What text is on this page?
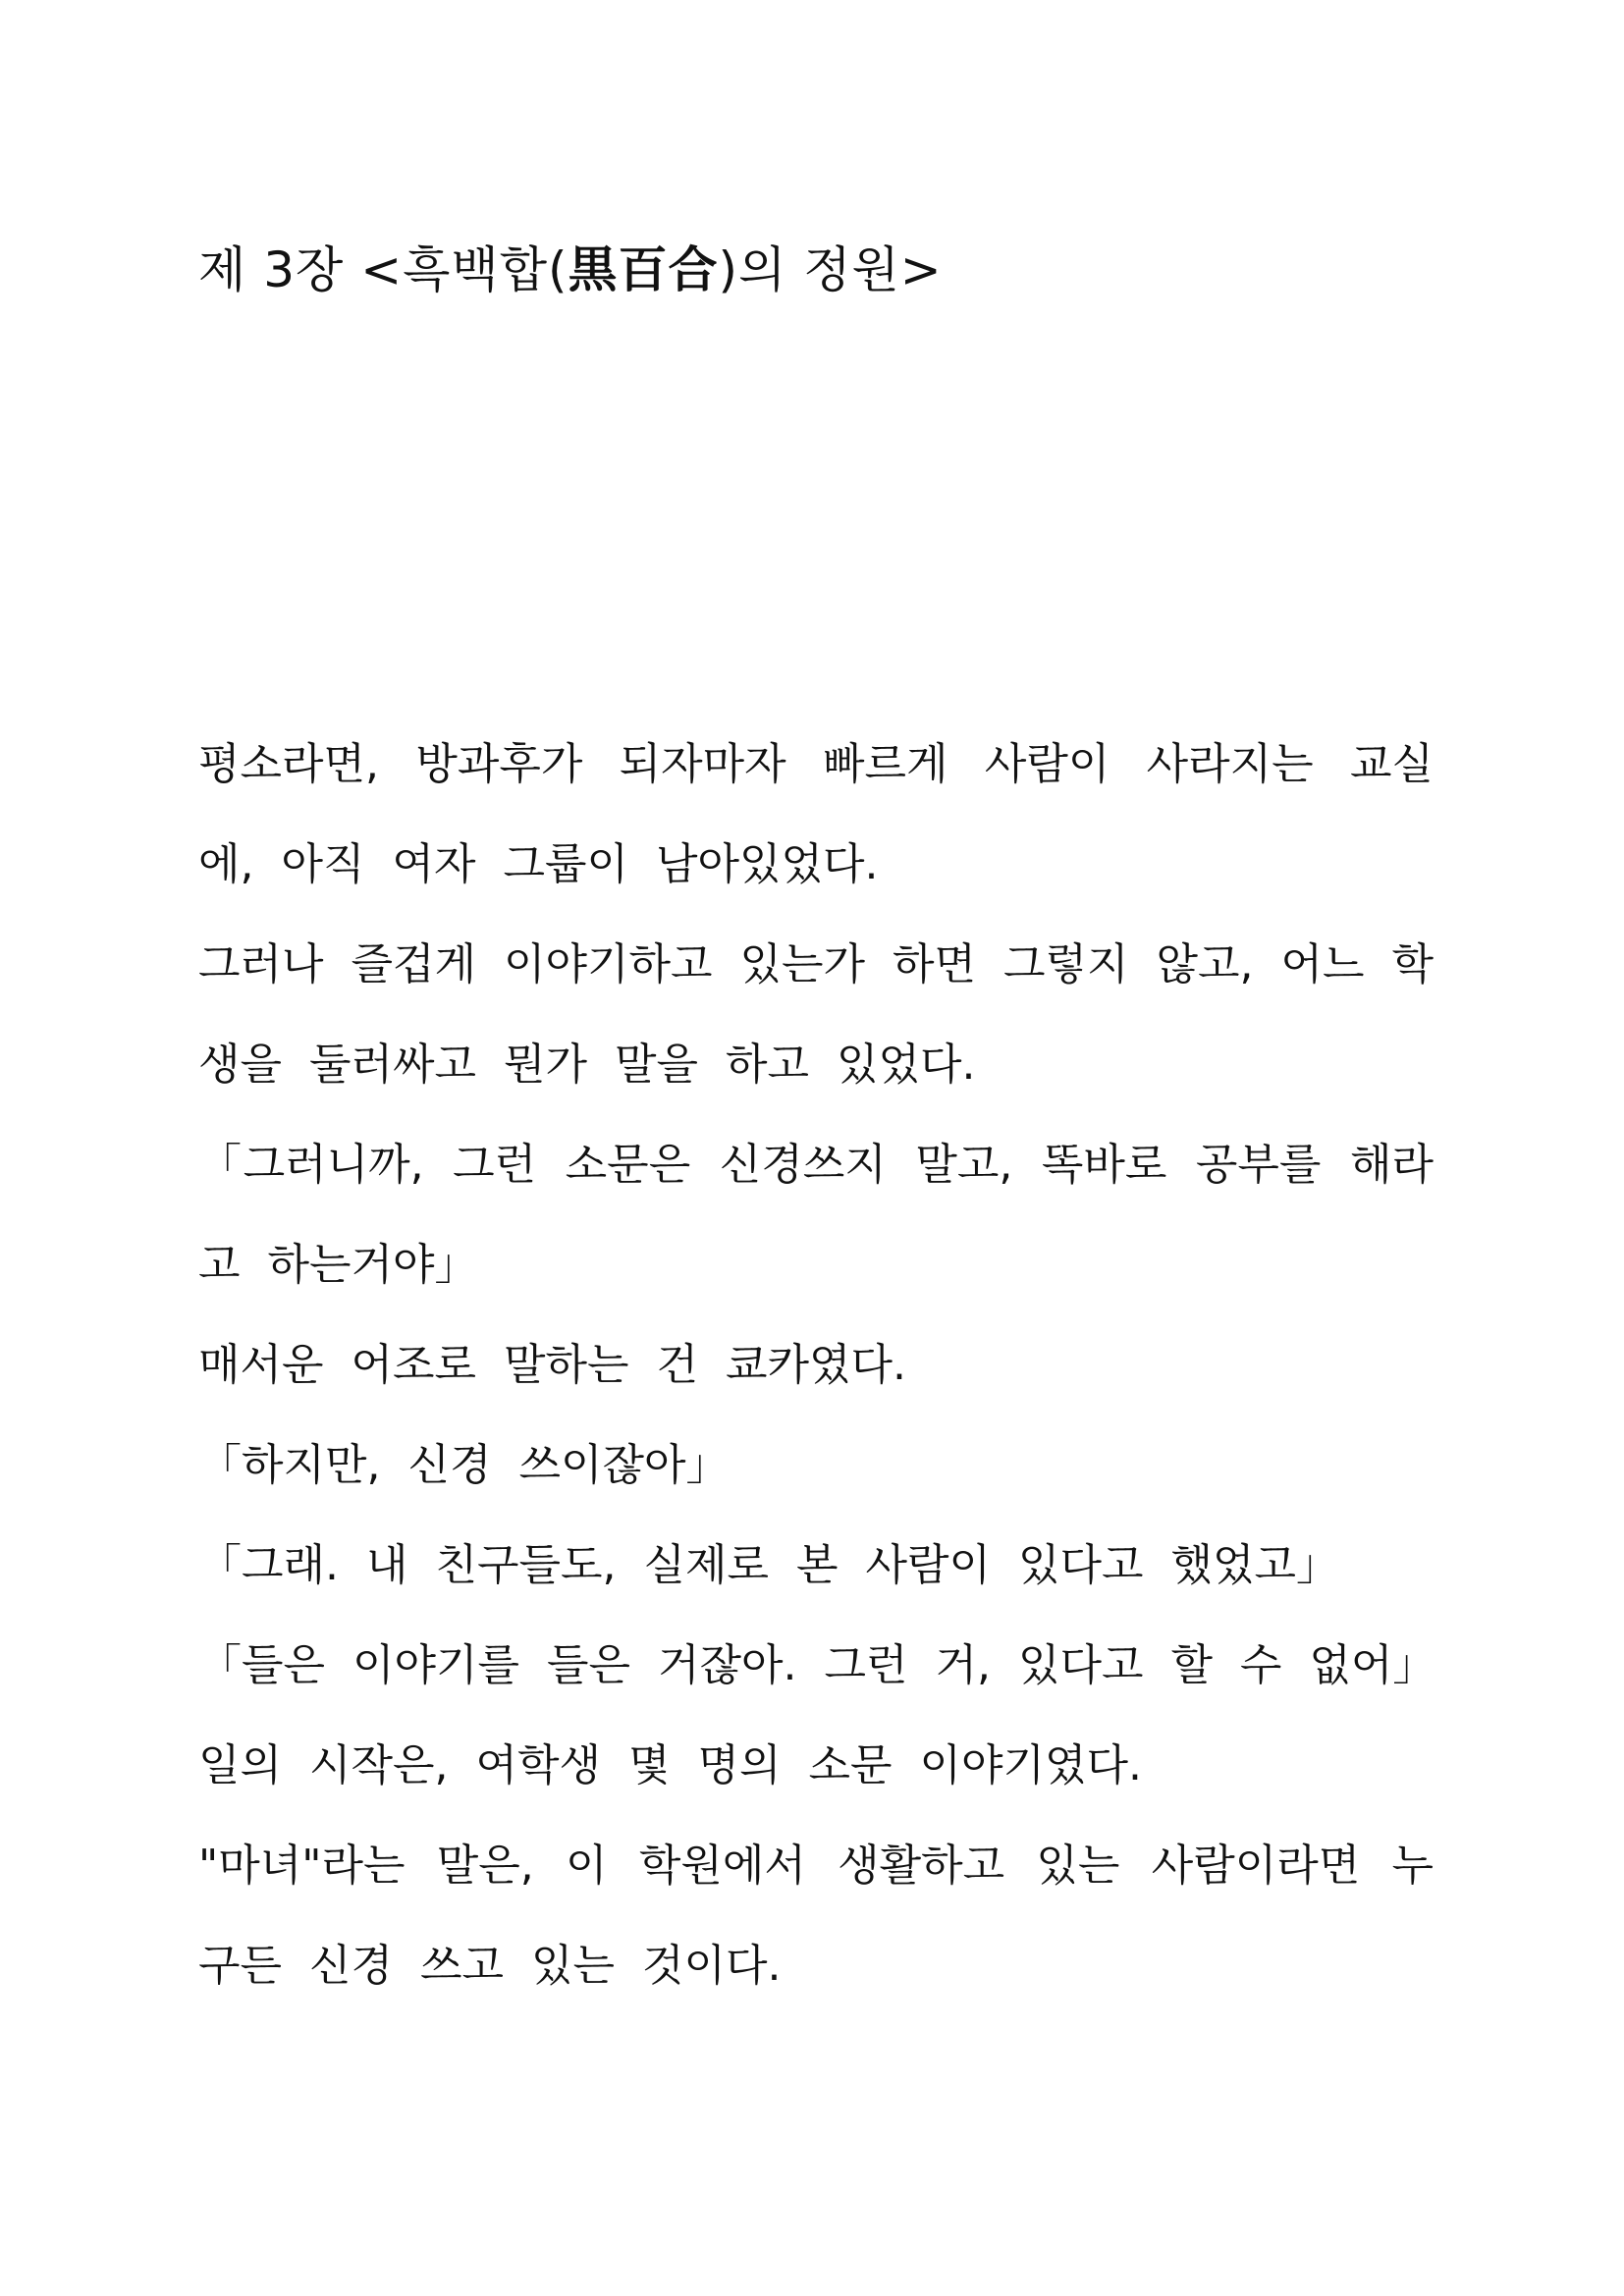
제 3장 <흑백합(黒百合)의 정원>

평소라면, 방과후가 되자마자 빠르게 사람이 사라지는 교실에, 아직 여자 그룹이 남아있었다.

그러나 즐겁게 이야기하고 있는가 하면 그렇지 않고, 어느 학생을 둘러싸고 뭔가 말을 하고 있었다.

「그러니까, 그런 소문은 신경쓰지 말고, 똑바로 공부를 해라고 하는거야」

매서운 어조로 말하는 건 쿄카였다.

「하지만, 신경 쓰이잖아」

「그래. 내 친구들도, 실제로 본 사람이 있다고 했었고」

「들은 이야기를 들은 거잖아. 그런 거, 있다고 할 수 없어」

일의 시작은, 여학생 몇 명의 소문 이야기였다.

"마녀"라는 말은, 이 학원에서 생활하고 있는 사람이라면 누구든 신경 쓰고 있는 것이다.
